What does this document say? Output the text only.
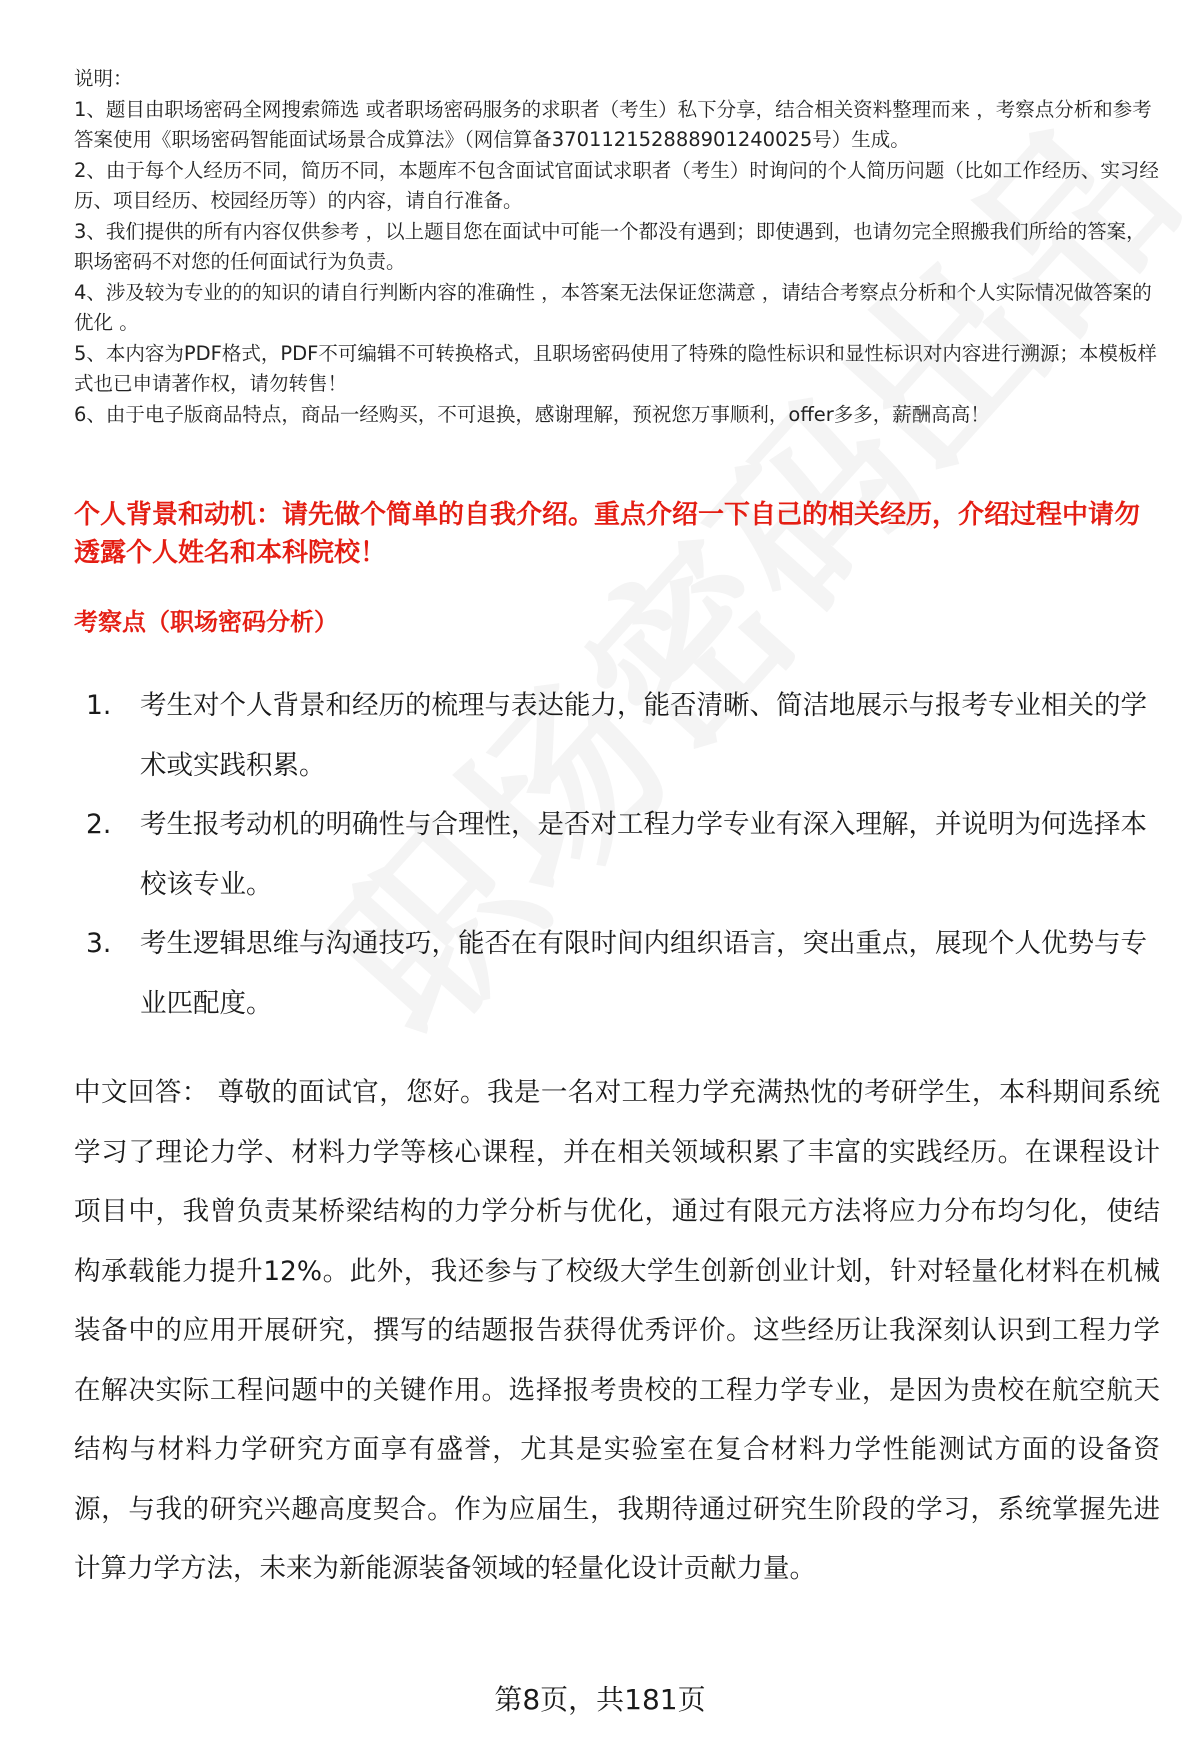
说明：

1、题目由职场密码全网搜索筛选 或者职场密码服务的求职者（考生）私下分享，结合相关资料整理而来 ，考察点分析和参考答案使用《职场密码智能面试场景合成算法》（网信算备370112152888901240025号）生成。

2、由于每个人经历不同，简历不同，本题库不包含面试官面试求职者（考生）时询问的个人简历问题（比如工作经历、实习经历、项目经历、校园经历等）的内容，请自行准备。

3、我们提供的所有内容仅供参考 ，以上题目您在面试中可能一个都没有遇到；即使遇到，也请勿完全照搬我们所给的答案，职场密码不对您的任何面试行为负责。

4、涉及较为专业的的知识的请自行判断内容的准确性 ，本答案无法保证您满意 ，请结合考察点分析和个人实际情况做答案的优化 。

5、本内容为PDF格式，PDF不可编辑不可转换格式，且职场密码使用了特殊的隐性标识和显性标识对内容进行溯源；本模板样式也已申请著作权，请勿转售！

6、由于电子版商品特点，商品一经购买，不可退换，感谢理解，预祝您万事顺利，offer多多，薪酬高高！

个人背景和动机：请先做个简单的自我介绍。重点介绍一下自己的相关经历，介绍过程中请勿透露个人姓名和本科院校！
考察点（职场密码分析）
1.	考生对个人背景和经历的梳理与表达能力，能否清晰、简洁地展示与报考专业相关的学术或实践积累。
2.	考生报考动机的明确性与合理性，是否对工程力学专业有深入理解，并说明为何选择本校该专业。
3.	考生逻辑思维与沟通技巧，能否在有限时间内组织语言，突出重点，展现个人优势与专业匹配度。

中文回答： 尊敬的面试官，您好。我是一名对工程力学充满热忱的考研学生，本科期间系统学习了理论力学、材料力学等核心课程，并在相关领域积累了丰富的实践经历。在课程设计项目中，我曾负责某桥梁结构的力学分析与优化，通过有限元方法将应力分布均匀化，使结构承载能力提升12%。此外，我还参与了校级大学生创新创业计划，针对轻量化材料在机械装备中的应用开展研究，撰写的结题报告获得优秀评价。这些经历让我深刻认识到工程力学在解决实际工程问题中的关键作用。选择报考贵校的工程力学专业，是因为贵校在航空航天结构与材料力学研究方面享有盛誉，尤其是实验室在复合材料力学性能测试方面的设备资源，与我的研究兴趣高度契合。作为应届生，我期待通过研究生阶段的学习，系统掌握先进计算力学方法，未来为新能源装备领域的轻量化设计贡献力量。

第8页，共181页
